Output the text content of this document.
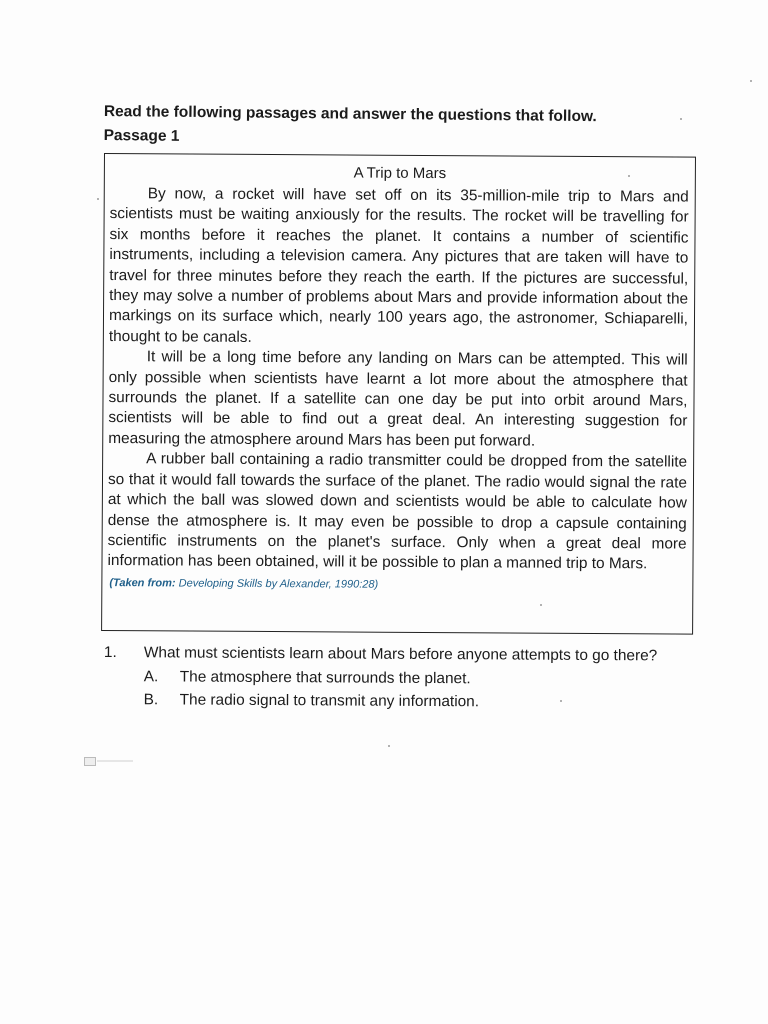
Read the following passages and answer the questions that follow.
Passage 1
A Trip to Mars

By now, a rocket will have set off on its 35-million-mile trip to Mars and scientists must be waiting anxiously for the results. The rocket will be travelling for six months before it reaches the planet. It contains a number of scientific instruments, including a television camera. Any pictures that are taken will have to travel for three minutes before they reach the earth. If the pictures are successful, they may solve a number of problems about Mars and provide information about the markings on its surface which, nearly 100 years ago, the astronomer, Schiaparelli, thought to be canals.

It will be a long time before any landing on Mars can be attempted. This will only possible when scientists have learnt a lot more about the atmosphere that surrounds the planet. If a satellite can one day be put into orbit around Mars, scientists will be able to find out a great deal. An interesting suggestion for measuring the atmosphere around Mars has been put forward.

A rubber ball containing a radio transmitter could be dropped from the satellite so that it would fall towards the surface of the planet. The radio would signal the rate at which the ball was slowed down and scientists would be able to calculate how dense the atmosphere is. It may even be possible to drop a capsule containing scientific instruments on the planet's surface. Only when a great deal more information has been obtained, will it be possible to plan a manned trip to Mars.

(Taken from: Developing Skills by Alexander, 1990:28)
1.	What must scientists learn about Mars before anyone attempts to go there?
A.	The atmosphere that surrounds the planet.
B.	The radio signal to transmit any information.
